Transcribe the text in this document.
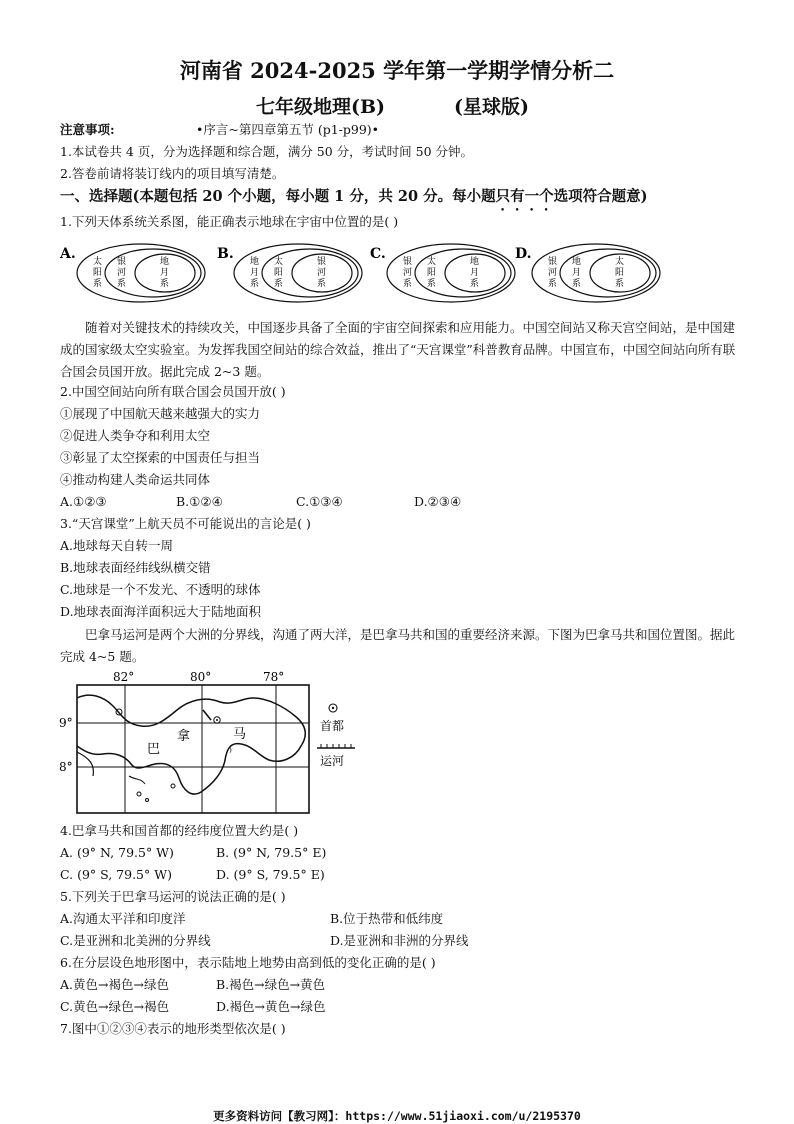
河南省 2024-2025 学年第一学期学情分析二
七年级地理(B)	(星球版)
注意事项:	•序言~第四章第五节 (p1-p99)•
1.本试卷共 4 页，分为选择题和综合题，满分 50 分，考试时间 50 分钟。
2.答卷前请将装订线内的项目填写清楚。
一、选择题(本题包括 20 个小题，每小题 1 分，共 20 分。每小题只有一个选项符合题意)
1.下列天体系统关系图，能正确表示地球在宇宙中位置的是( )
A. 太阳系
银河系
地月系
B. 地月系
太阳系
银河系
C. 银河系
太阳系
地月系
D. 银河系
地月系
太阳系
随着对关键技术的持续攻关，中国逐步具备了全面的宇宙空间探索和应用能力。中国空间站又称天宫空间站，是中国建成的国家级太空实验室。为发挥我国空间站的综合效益，推出了“天宫课堂”科普教育品牌。中国宣布，中国空间站向所有联合国会员国开放。据此完成 2~3 题。
2.中国空间站向所有联合国会员国开放( )
①展现了中国航天越来越强大的实力
②促进人类争夺和利用太空
③彰显了太空探索的中国责任与担当
④推动构建人类命运共同体
A.①②③	B.①②④	C.①③④	D.②③④
3.“天宫课堂”上航天员不可能说出的言论是( )
A.地球每天自转一周
B.地球表面经纬线纵横交错
C.地球是一个不发光、不透明的球体
D.地球表面海洋面积远大于陆地面积
巴拿马运河是两个大洲的分界线，沟通了两大洋，是巴拿马共和国的重要经济来源。下图为巴拿马共和国位置图。据此完成 4~5 题。
82°	80°	78°
9°
8°
巴
拿	马
⁾
首都
运河
4.巴拿马共和国首都的经纬度位置大约是( )
A. (9° N, 79.5° W)	B. (9° N, 79.5° E)
C. (9° S, 79.5° W)	D. (9° S, 79.5° E)
5.下列关于巴拿马运河的说法正确的是( )
A.沟通太平洋和印度洋	B.位于热带和低纬度
C.是亚洲和北美洲的分界线	D.是亚洲和非洲的分界线
6.在分层设色地形图中，表示陆地上地势由高到低的变化正确的是( )
A.黄色→褐色→绿色	B.褐色→绿色→黄色
C.黄色→绿色→褐色	D.褐色→黄色→绿色
7.图中①②③④表示的地形类型依次是( )
更多资料访问【教习网】：https://www.51jiaoxi.com/u/2195370
